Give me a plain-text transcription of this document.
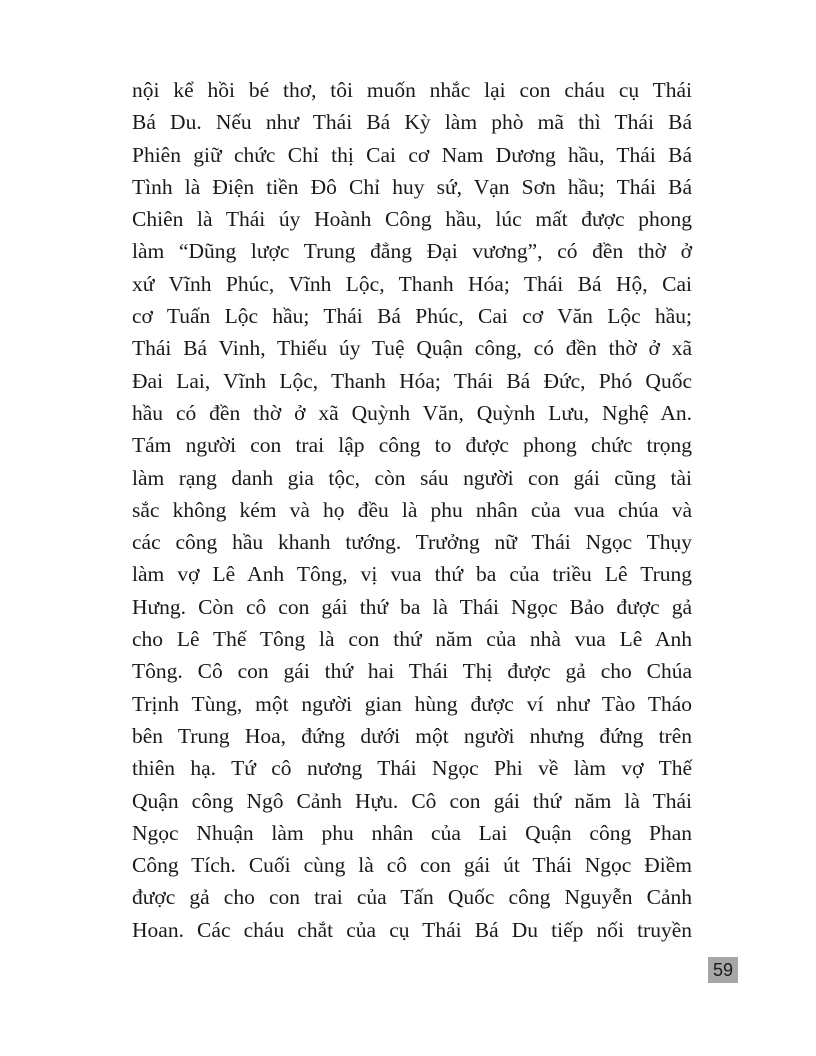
nội kể hồi bé thơ, tôi muốn nhắc lại con cháu cụ Thái
Bá Du. Nếu như Thái Bá Kỳ làm phò mã thì Thái Bá
Phiên giữ chức Chỉ thị Cai cơ Nam Dương hầu, Thái Bá
Tình là Điện tiền Đô Chỉ huy sứ, Vạn Sơn hầu; Thái Bá
Chiên là Thái úy Hoành Công hầu, lúc mất được phong
làm “Dũng lược Trung đẳng Đại vương”, có đền thờ ở
xứ Vĩnh Phúc, Vĩnh Lộc, Thanh Hóa; Thái Bá Hộ, Cai
cơ Tuấn Lộc hầu; Thái Bá Phúc, Cai cơ Văn Lộc hầu;
Thái Bá Vinh, Thiếu úy Tuệ Quận công, có đền thờ ở xã
Đai Lai, Vĩnh Lộc, Thanh Hóa; Thái Bá Đức, Phó Quốc
hầu có đền thờ ở xã Quỳnh Văn, Quỳnh Lưu, Nghệ An.
Tám người con trai lập công to được phong chức trọng
làm rạng danh gia tộc, còn sáu người con gái cũng tài
sắc không kém và họ đều là phu nhân của vua chúa và
các công hầu khanh tướng. Trưởng nữ Thái Ngọc Thụy
làm vợ Lê Anh Tông, vị vua thứ ba của triều Lê Trung
Hưng. Còn cô con gái thứ ba là Thái Ngọc Bảo được gả
cho Lê Thế Tông là con thứ năm của nhà vua Lê Anh
Tông. Cô con gái thứ hai Thái Thị được gả cho Chúa
Trịnh Tùng, một người gian hùng được ví như Tào Tháo
bên Trung Hoa, đứng dưới một người nhưng đứng trên
thiên hạ. Tứ cô nương Thái Ngọc Phi về làm vợ Thế
Quận công Ngô Cảnh Hựu. Cô con gái thứ năm là Thái
Ngọc Nhuận làm phu nhân của Lai Quận công Phan
Công Tích. Cuối cùng là cô con gái út Thái Ngọc Điềm
được gả cho con trai của Tấn Quốc công Nguyễn Cảnh
Hoan. Các cháu chắt của cụ Thái Bá Du tiếp nối truyền
59
